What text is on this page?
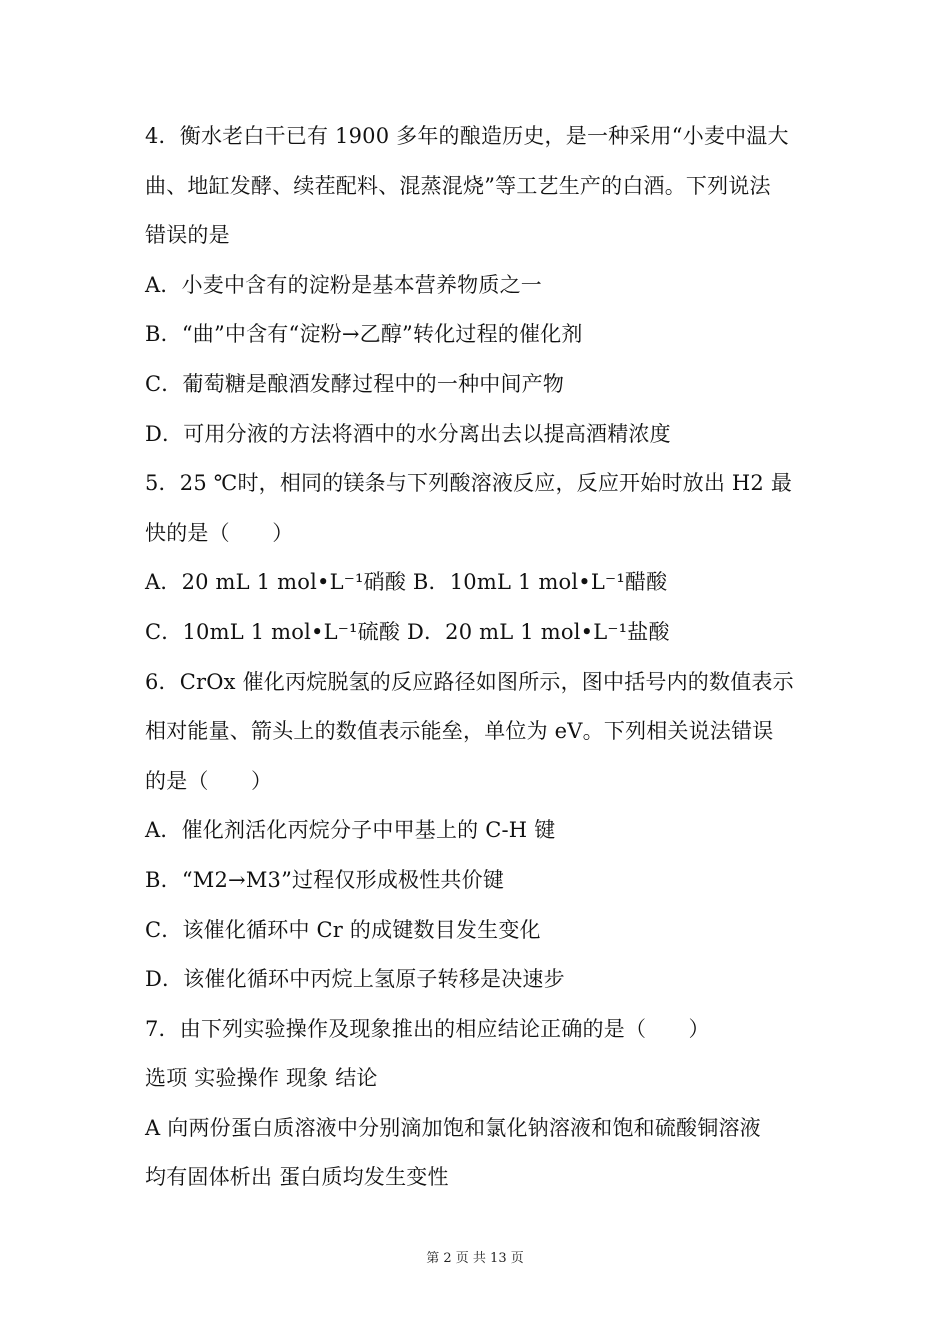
4．衡水老白干已有 1900 多年的酿造历史，是一种采用“小麦中温大
曲、地缸发酵、续茬配料、混蒸混烧”等工艺生产的白酒。下列说法
错误的是
A．小麦中含有的淀粉是基本营养物质之一
B．“曲”中含有“淀粉→乙醇”转化过程的催化剂
C．葡萄糖是酿酒发酵过程中的一种中间产物
D．可用分液的方法将酒中的水分离出去以提高酒精浓度
5．25 ℃时，相同的镁条与下列酸溶液反应，反应开始时放出 H2 最
快的是（　　）
A．20 mL 1 mol•L⁻¹硝酸 B．10mL 1 mol•L⁻¹醋酸
C．10mL 1 mol•L⁻¹硫酸 D．20 mL 1 mol•L⁻¹盐酸
6．CrOx 催化丙烷脱氢的反应路径如图所示，图中括号内的数值表示
相对能量、箭头上的数值表示能垒，单位为 eV。下列相关说法错误
的是（　　）
A．催化剂活化丙烷分子中甲基上的 C-H 键
B．“M2→M3”过程仅形成极性共价键
C．该催化循环中 Cr 的成键数目发生变化
D．该催化循环中丙烷上氢原子转移是决速步
7．由下列实验操作及现象推出的相应结论正确的是（　　）
选项 实验操作 现象 结论
A 向两份蛋白质溶液中分别滴加饱和氯化钠溶液和饱和硫酸铜溶液
均有固体析出 蛋白质均发生变性
第 2 页 共 13 页
